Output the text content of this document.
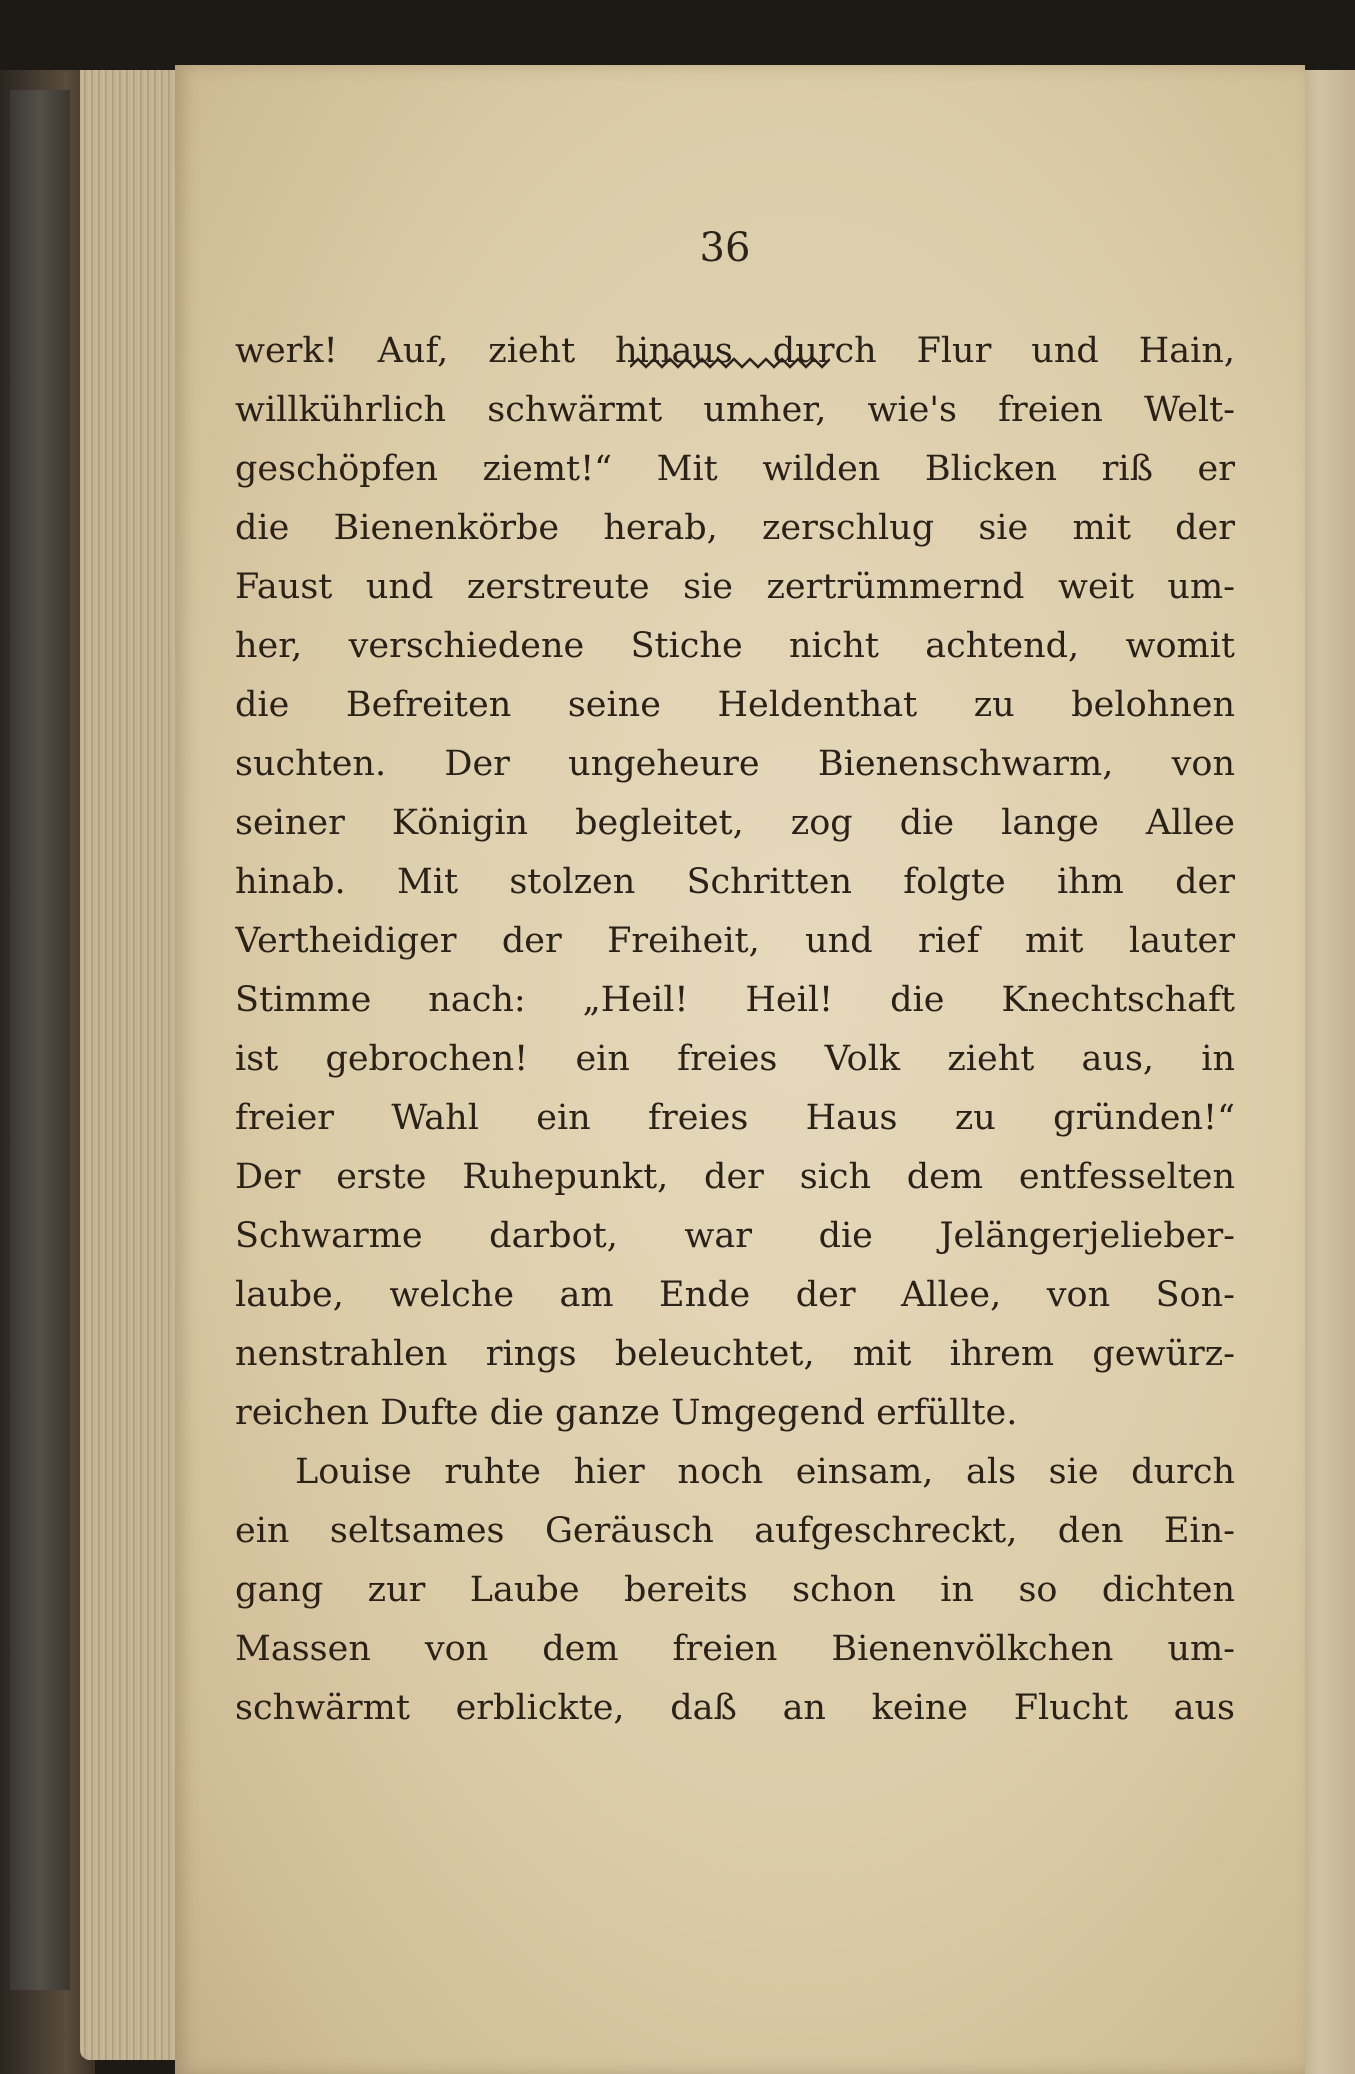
36
werk! Auf, zieht hinaus durch Flur und Hain,
willkührlich schwärmt umher, wie's freien Welt-
geschöpfen ziemt!“ Mit wilden Blicken riß er
die Bienenkörbe herab, zerschlug sie mit der
Faust und zerstreute sie zertrümmernd weit um-
her, verschiedene Stiche nicht achtend, womit
die Befreiten seine Heldenthat zu belohnen
suchten. Der ungeheure Bienenschwarm, von
seiner Königin begleitet, zog die lange Allee
hinab. Mit stolzen Schritten folgte ihm der
Vertheidiger der Freiheit, und rief mit lauter
Stimme nach: „Heil! Heil! die Knechtschaft
ist gebrochen! ein freies Volk zieht aus, in
freier Wahl ein freies Haus zu gründen!“
Der erste Ruhepunkt, der sich dem entfesselten
Schwarme darbot, war die Jelängerjelieber-
laube, welche am Ende der Allee, von Son-
nenstrahlen rings beleuchtet, mit ihrem gewürz-
reichen Dufte die ganze Umgegend erfüllte.
Louise ruhte hier noch einsam, als sie durch
ein seltsames Geräusch aufgeschreckt, den Ein-
gang zur Laube bereits schon in so dichten
Massen von dem freien Bienenvölkchen um-
schwärmt erblickte, daß an keine Flucht aus
